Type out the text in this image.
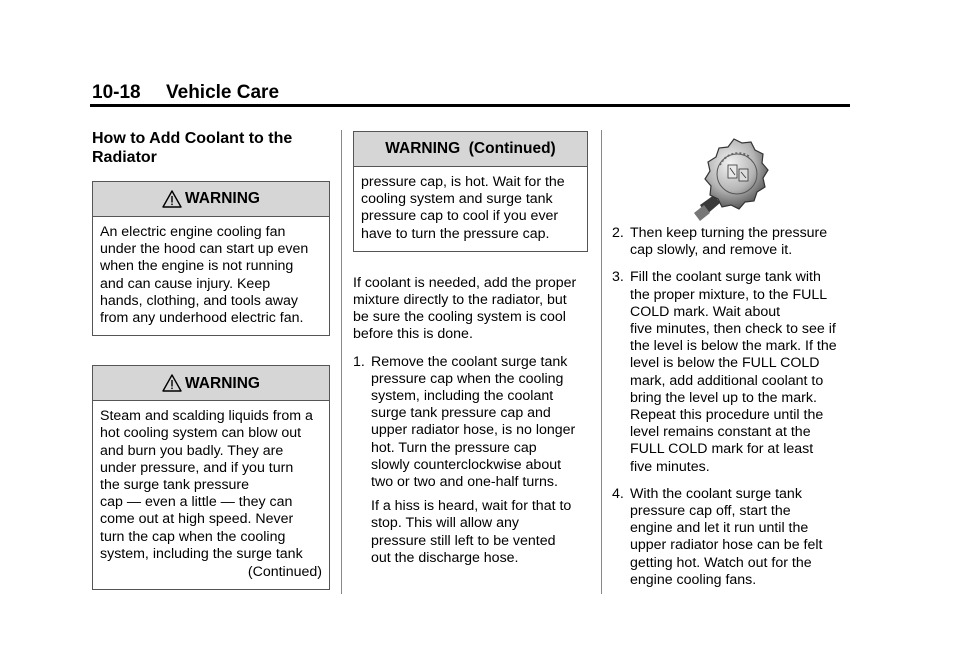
10-18 Vehicle Care
How to Add Coolant to the
Radiator
WARNING
An electric engine cooling fan
under the hood can start up even
when the engine is not running
and can cause injury. Keep
hands, clothing, and tools away
from any underhood electric fan.
WARNING
Steam and scalding liquids from a
hot cooling system can blow out
and burn you badly. They are
under pressure, and if you turn
the surge tank pressure
cap — even a little — they can
come out at high speed. Never
turn the cap when the cooling
system, including the surge tank
(Continued)
WARNING  (Continued)
pressure cap, is hot. Wait for the
cooling system and surge tank
pressure cap to cool if you ever
have to turn the pressure cap.

If coolant is needed, add the proper
mixture directly to the radiator, but
be sure the cooling system is cool
before this is done.

1. Remove the coolant surge tank
pressure cap when the cooling
system, including the coolant
surge tank pressure cap and
upper radiator hose, is no longer
hot. Turn the pressure cap
slowly counterclockwise about
two or two and one-half turns.
If a hiss is heard, wait for that to
stop. This will allow any
pressure still left to be vented
out the discharge hose.
2. Then keep turning the pressure
cap slowly, and remove it.
3. Fill the coolant surge tank with
the proper mixture, to the FULL
COLD mark. Wait about
five minutes, then check to see if
the level is below the mark. If the
level is below the FULL COLD
mark, add additional coolant to
bring the level up to the mark.
Repeat this procedure until the
level remains constant at the
FULL COLD mark for at least
five minutes.
4. With the coolant surge tank
pressure cap off, start the
engine and let it run until the
upper radiator hose can be felt
getting hot. Watch out for the
engine cooling fans.
